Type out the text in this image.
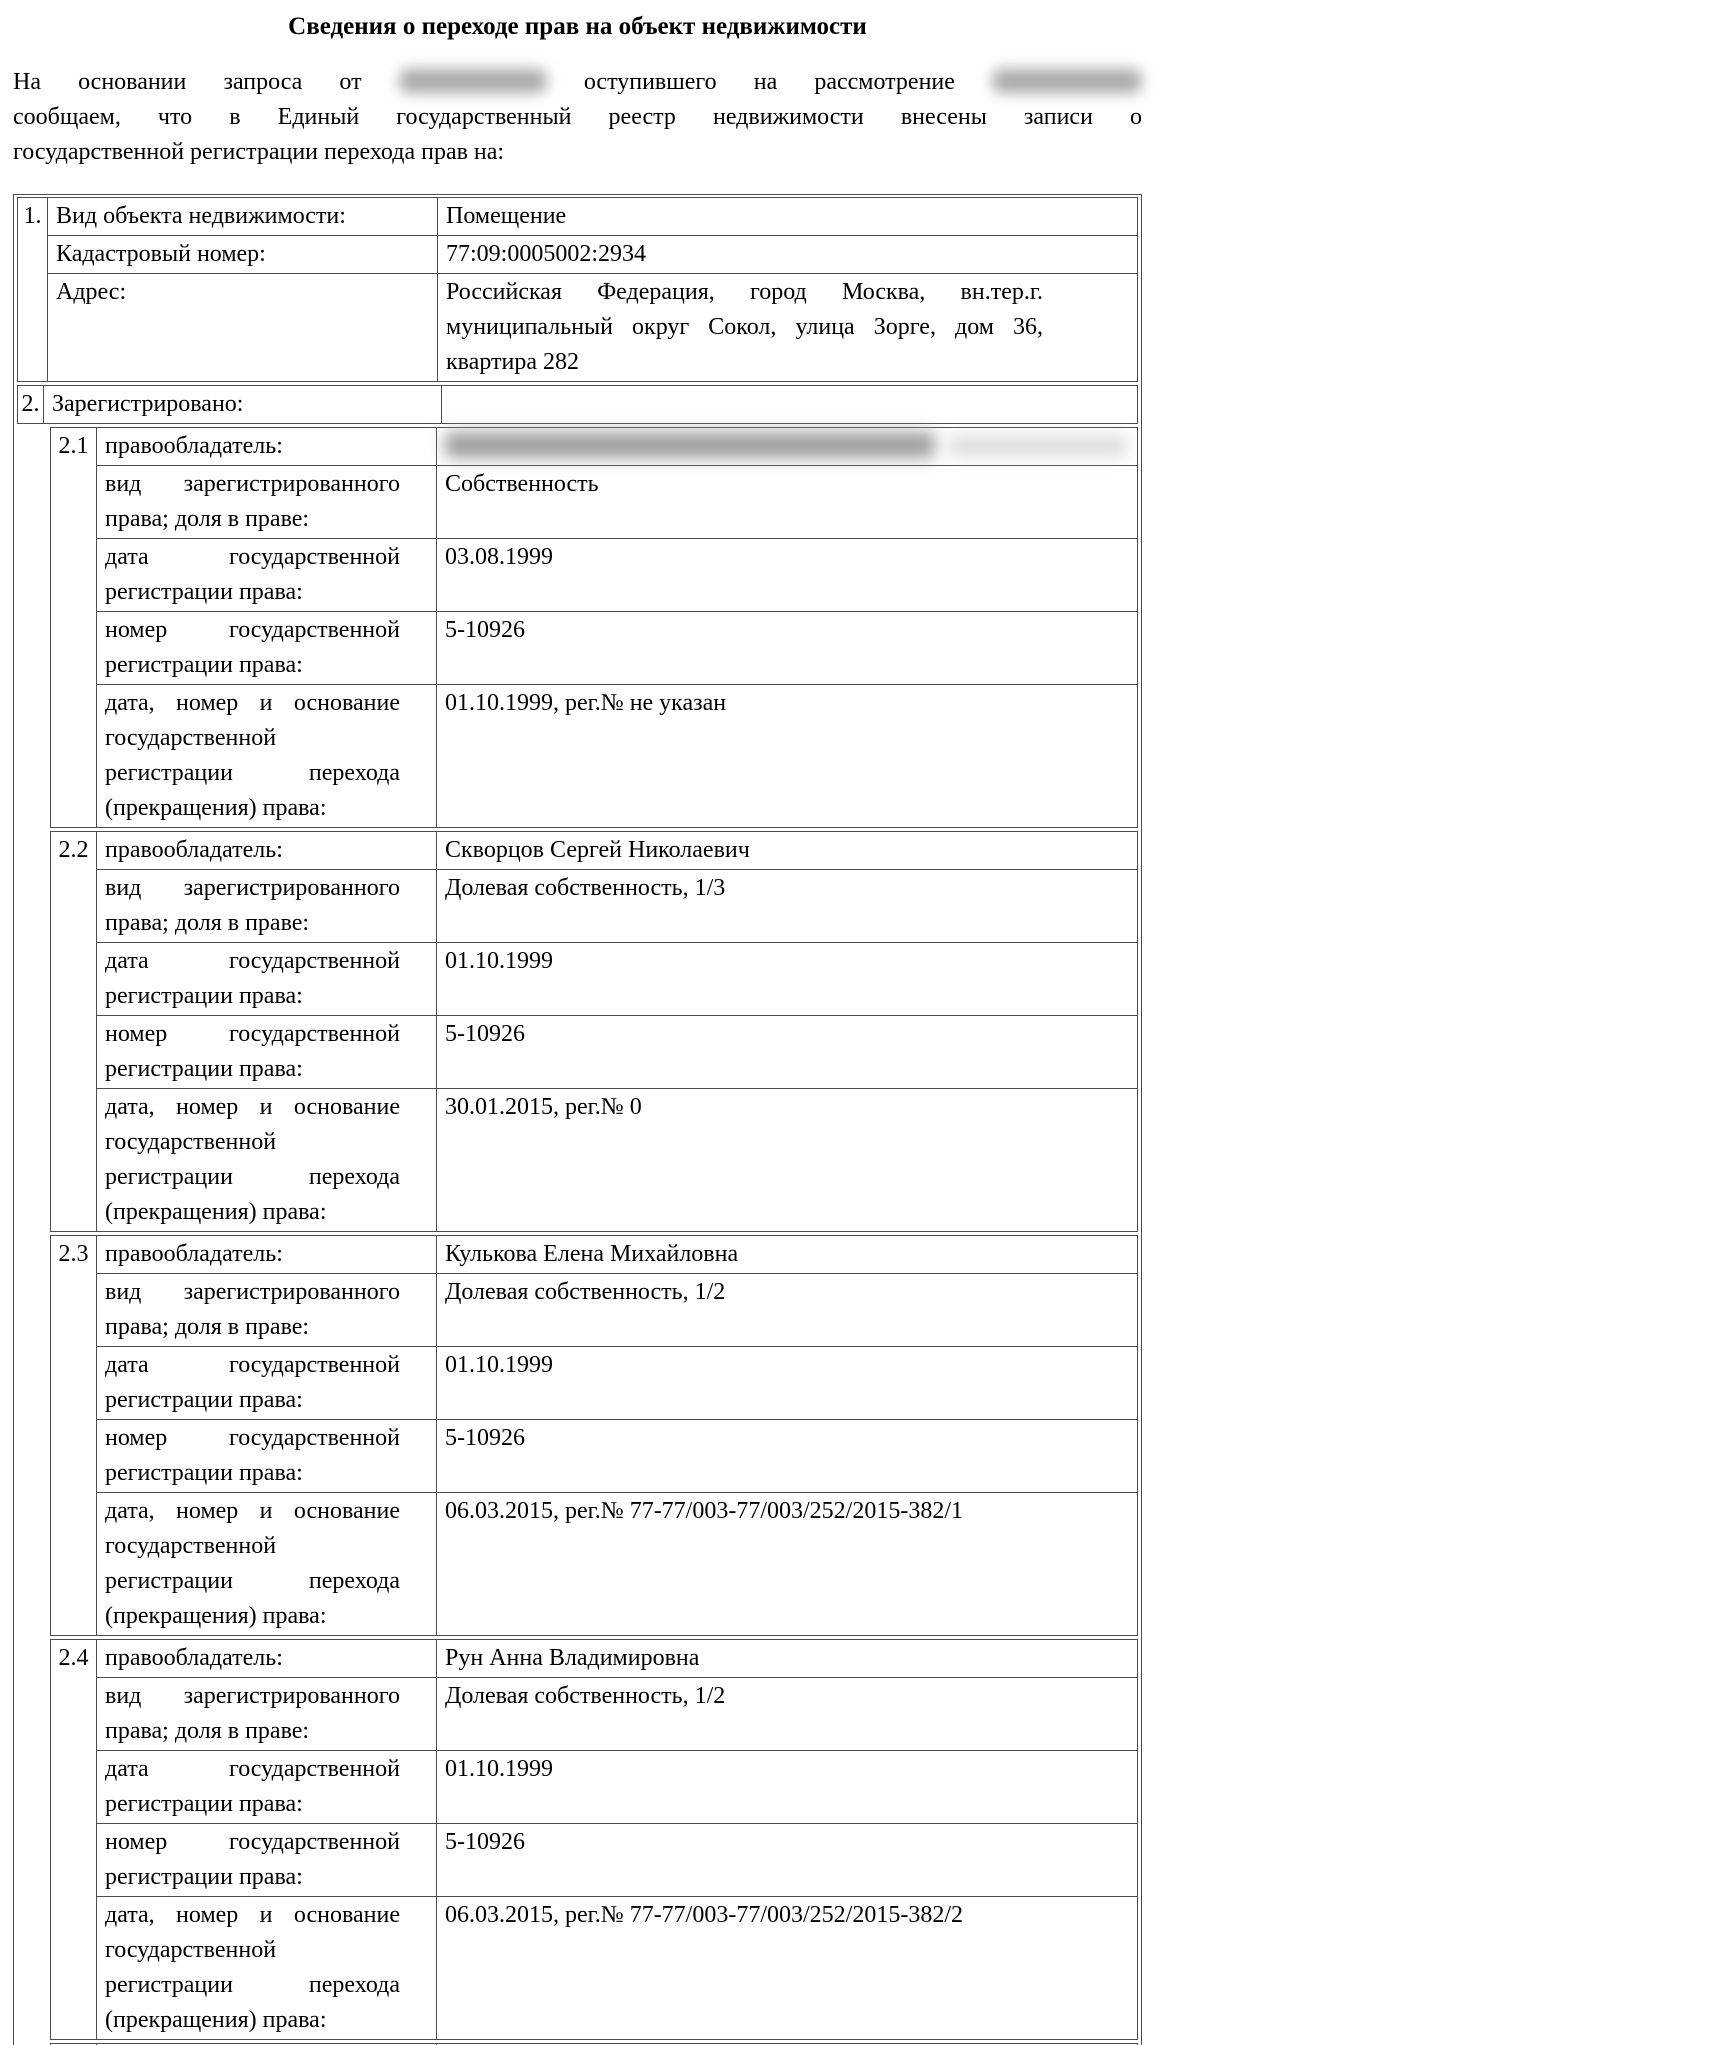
Сведения о переходе прав на объект недвижимости
На основании запроса от	оступившего на рассмотрение
сообщаем, что в Единый государственный реестр недвижимости внесены записи о
государственной регистрации перехода прав на:
1.	Вид объекта недвижимости:	Помещение
	Кадастровый номер:	77:09:0005002:2934
	Адрес:	Российская Федерация, город Москва, вн.тер.г. муниципальный округ Сокол, улица Зорге, дом 36, квартира 282
2.	Зарегистрировано:	
2.1	правообладатель:	
	вид зарегистрированного права; доля в праве:	Собственность
	дата государственной регистрации права:	03.08.1999
	номер государственной регистрации права:	5-10926
	дата, номер и основание государственной регистрации перехода (прекращения) права:	01.10.1999, рег.№ не указан
2.2	правообладатель:	Скворцов Сергей Николаевич
	вид зарегистрированного права; доля в праве:	Долевая собственность, 1/3
	дата государственной регистрации права:	01.10.1999
	номер государственной регистрации права:	5-10926
	дата, номер и основание государственной регистрации перехода (прекращения) права:	30.01.2015, рег.№ 0
2.3	правообладатель:	Кулькова Елена Михайловна
	вид зарегистрированного права; доля в праве:	Долевая собственность, 1/2
	дата государственной регистрации права:	01.10.1999
	номер государственной регистрации права:	5-10926
	дата, номер и основание государственной регистрации перехода (прекращения) права:	06.03.2015, рег.№ 77-77/003-77/003/252/2015-382/1
2.4	правообладатель:	Рун Анна Владимировна
	вид зарегистрированного права; доля в праве:	Долевая собственность, 1/2
	дата государственной регистрации права:	01.10.1999
	номер государственной регистрации права:	5-10926
	дата, номер и основание государственной регистрации перехода (прекращения) права:	06.03.2015, рег.№ 77-77/003-77/003/252/2015-382/2
